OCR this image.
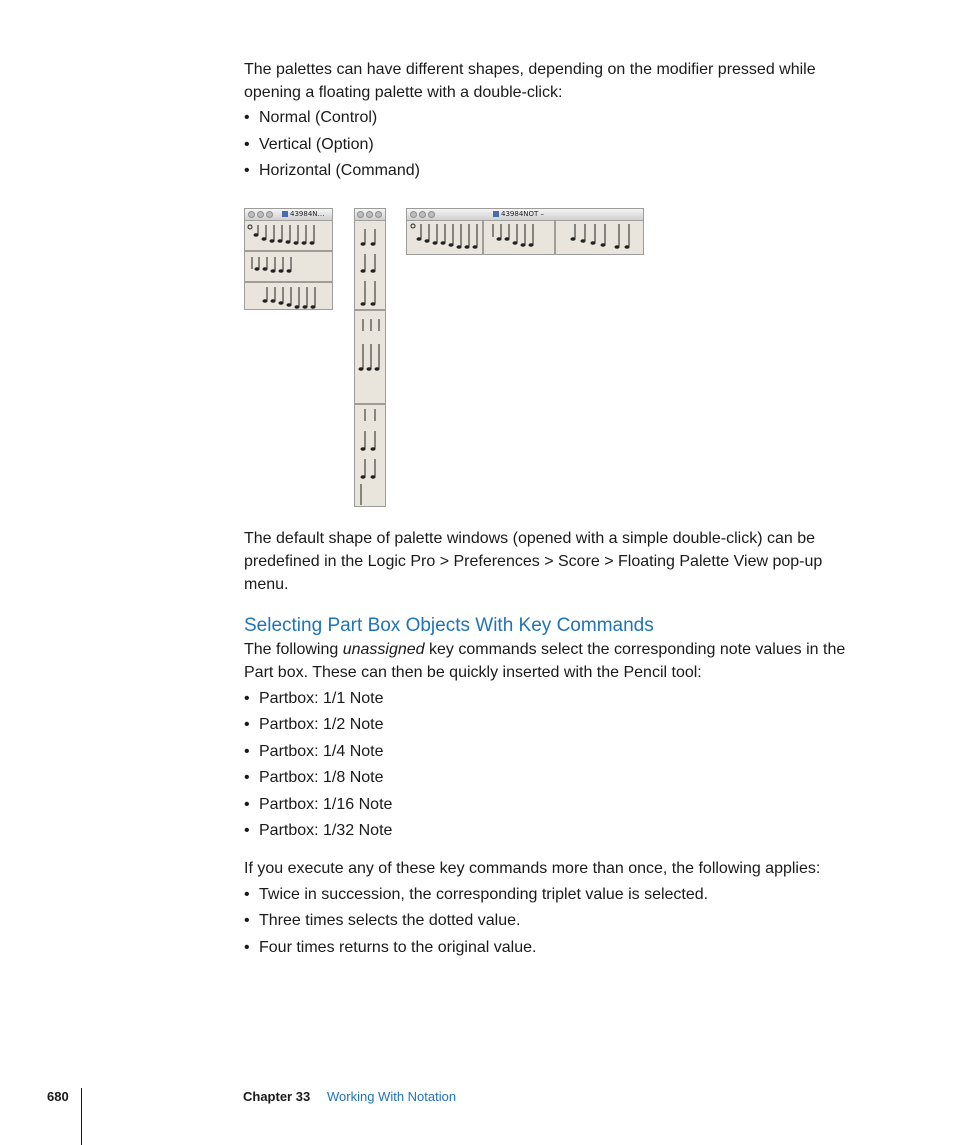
The palettes can have different shapes, depending on the modifier pressed while opening a floating palette with a double-click:
• Normal (Control)
• Vertical (Option)
• Horizontal (Command)
43984N…	43984NOT –
The default shape of palette windows (opened with a simple double-click) can be predefined in the Logic Pro > Preferences > Score > Floating Palette View pop-up menu.
Selecting Part Box Objects With Key Commands
The following unassigned key commands select the corresponding note values in the Part box. These can then be quickly inserted with the Pencil tool:
• Partbox: 1/1 Note
• Partbox: 1/2 Note
• Partbox: 1/4 Note
• Partbox: 1/8 Note
• Partbox: 1/16 Note
• Partbox: 1/32 Note
If you execute any of these key commands more than once, the following applies:
• Twice in succession, the corresponding triplet value is selected.
• Three times selects the dotted value.
• Four times returns to the original value.
680	Chapter 33 Working With Notation
